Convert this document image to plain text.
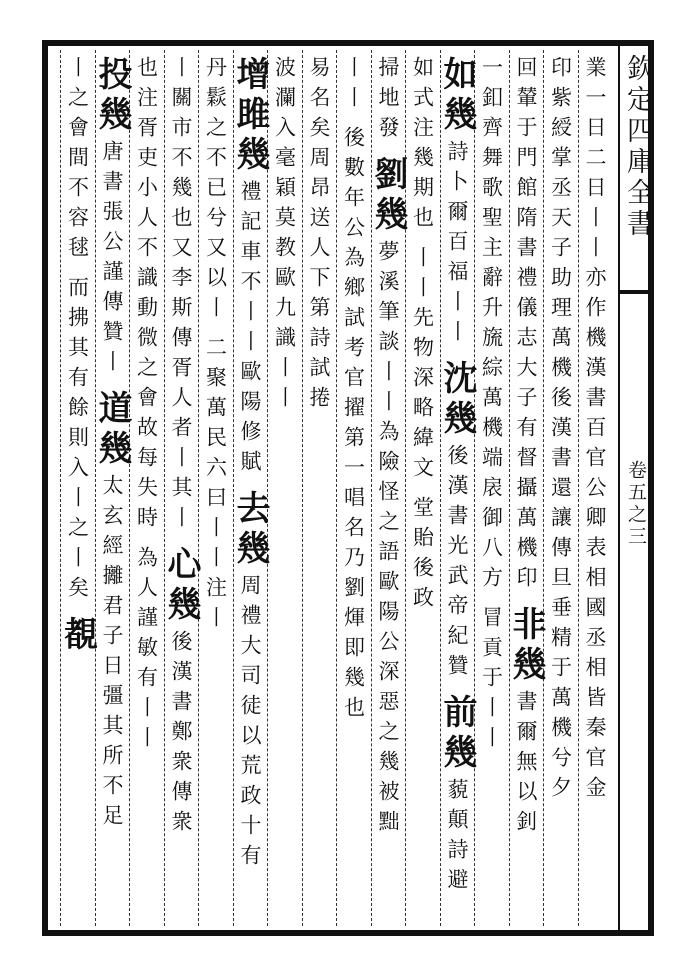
欽定四庫全書
卷五之三
業一日二日丨丨亦作機漢書百官公卿表相國丞相皆秦官金
印紫綬掌丞天子助理萬機後漢書還讓傳旦垂精于萬機兮夕
回輦于門館隋書禮儀志大子有督攝萬機印
非幾
書爾無以釗
一釦齊舞歌聖主辭升旒綜萬機端扆御八方
冒貢于丨丨
如幾
詩卜爾百福丨丨
沈幾
後漢書光武帝紀贊
前幾
藐顛詩避
如式注幾期也
丨丨先物深略緯文
堂貽後政
掃地發
劉幾
夢溪筆談丨丨為險怪之語歐陽公深惡之幾被黜
丨丨
後數年公為鄉試考官擢第一唱名乃劉煇即幾也
易名矣周昂送人下第詩試捲
波瀾入毫穎莫教歐九識丨丨
增雎幾
禮記車不丨丨歐陽修賦
去幾
周禮大司徒以荒政十有
丹鬏之不已兮又以丨
二聚萬民六曰丨丨注丨
丨關市不幾也又李斯傳胥人者丨其丨
心幾
後漢書鄭衆傳衆
也注胥吏小人不識動微之會故每失時
為人謹敏有丨丨
投幾
唐書張公謹傳贊丨
道幾
太玄經攡君子日彊其所不足
丨之會間不容毬
而拂其有餘則入丨之丨矣
覩
